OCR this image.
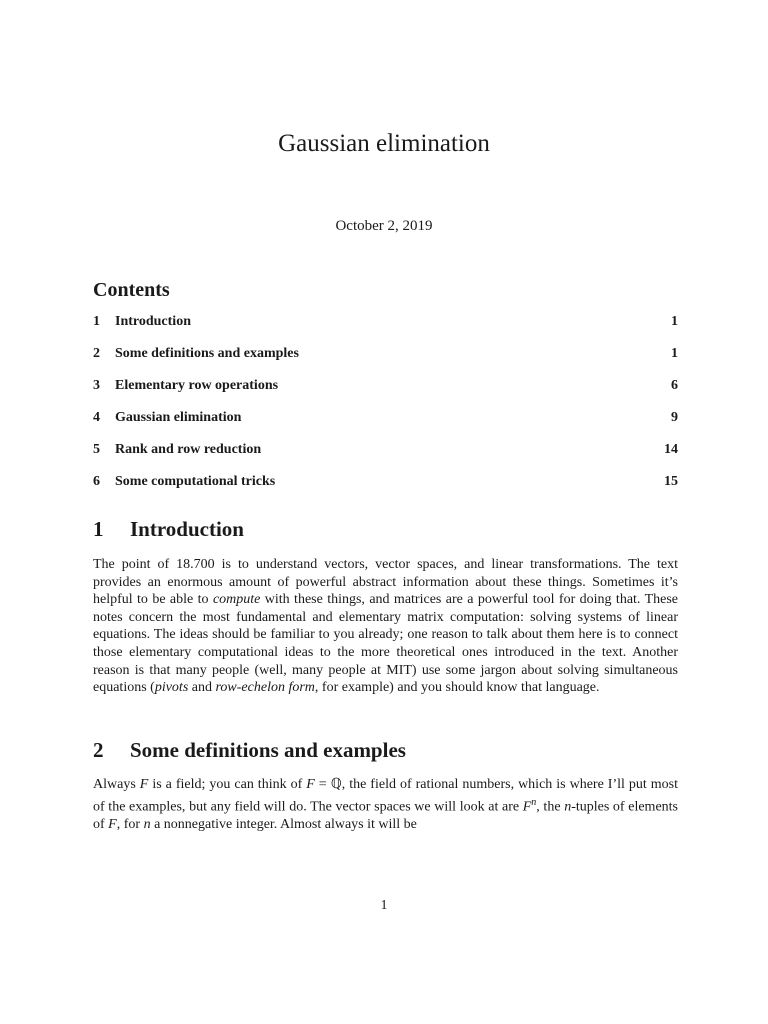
Gaussian elimination
October 2, 2019
Contents
1	Introduction	1
2	Some definitions and examples	1
3	Elementary row operations	6
4	Gaussian elimination	9
5	Rank and row reduction	14
6	Some computational tricks	15
1 Introduction
The point of 18.700 is to understand vectors, vector spaces, and linear transformations. The text provides an enormous amount of powerful abstract information about these things. Sometimes it’s helpful to be able to compute with these things, and matrices are a powerful tool for doing that. These notes concern the most fundamental and elementary matrix computation: solving systems of linear equations. The ideas should be familiar to you already; one reason to talk about them here is to connect those elementary computational ideas to the more theoretical ones introduced in the text. Another reason is that many people (well, many people at MIT) use some jargon about solving simultaneous equations (pivots and row-echelon form, for example) and you should know that language.
2 Some definitions and examples
Always F is a field; you can think of F = ℚ, the field of rational numbers, which is where I’ll put most of the examples, but any field will do. The vector spaces we will look at are $F^n$, the n-tuples of elements of F, for n a nonnegative integer. Almost always it will be
1
